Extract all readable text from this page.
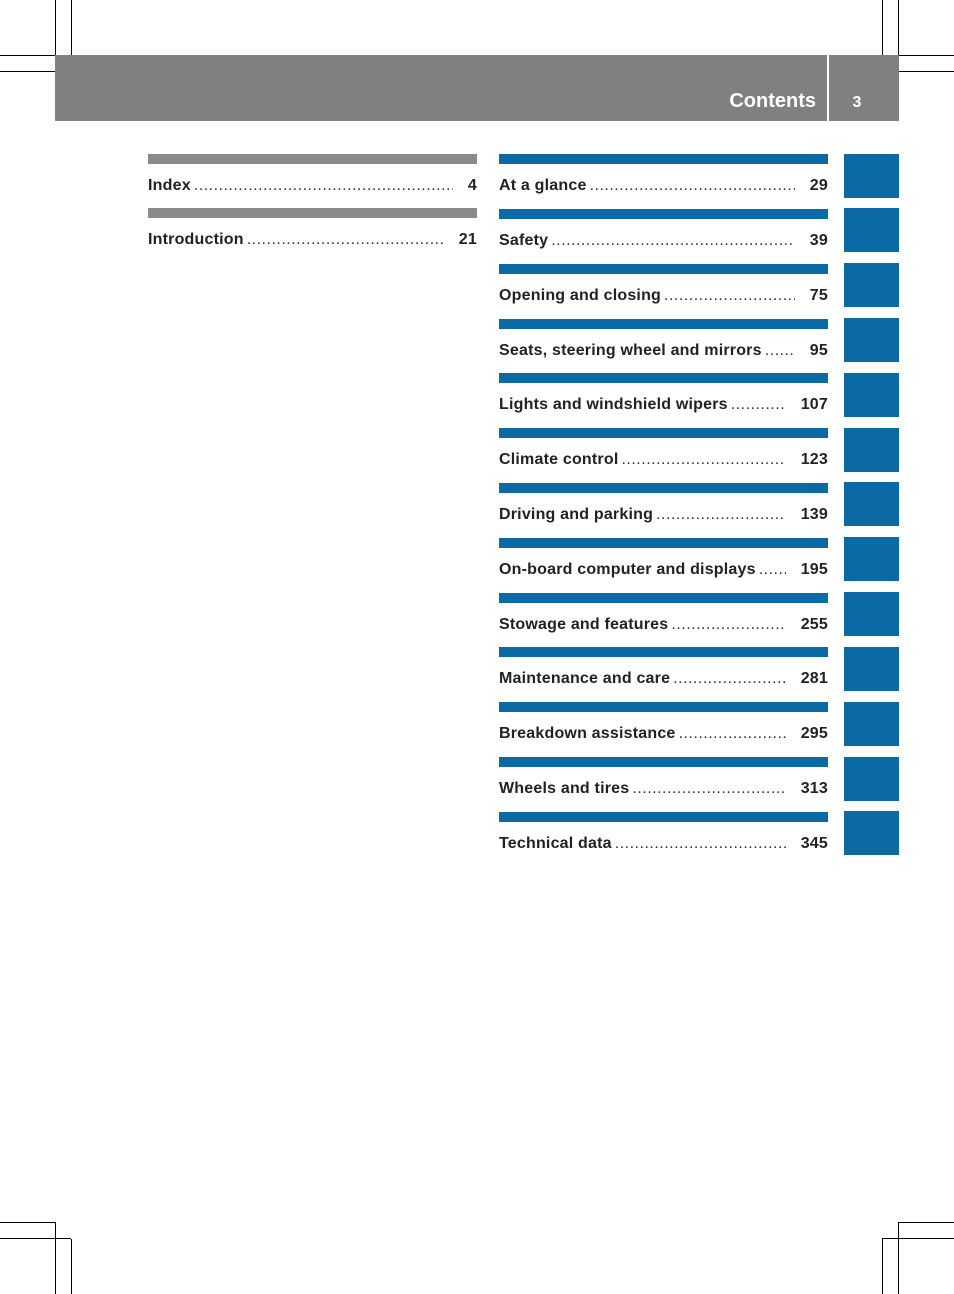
Contents	3
Index .....	4
Introduction .....	21
At a glance .....	29
Safety .....	39
Opening and closing .....	75
Seats, steering wheel and mirrors .....	95
Lights and windshield wipers .....	107
Climate control .....	123
Driving and parking .....	139
On-board computer and displays .....	195
Stowage and features .....	255
Maintenance and care .....	281
Breakdown assistance .....	295
Wheels and tires .....	313
Technical data .....	345
